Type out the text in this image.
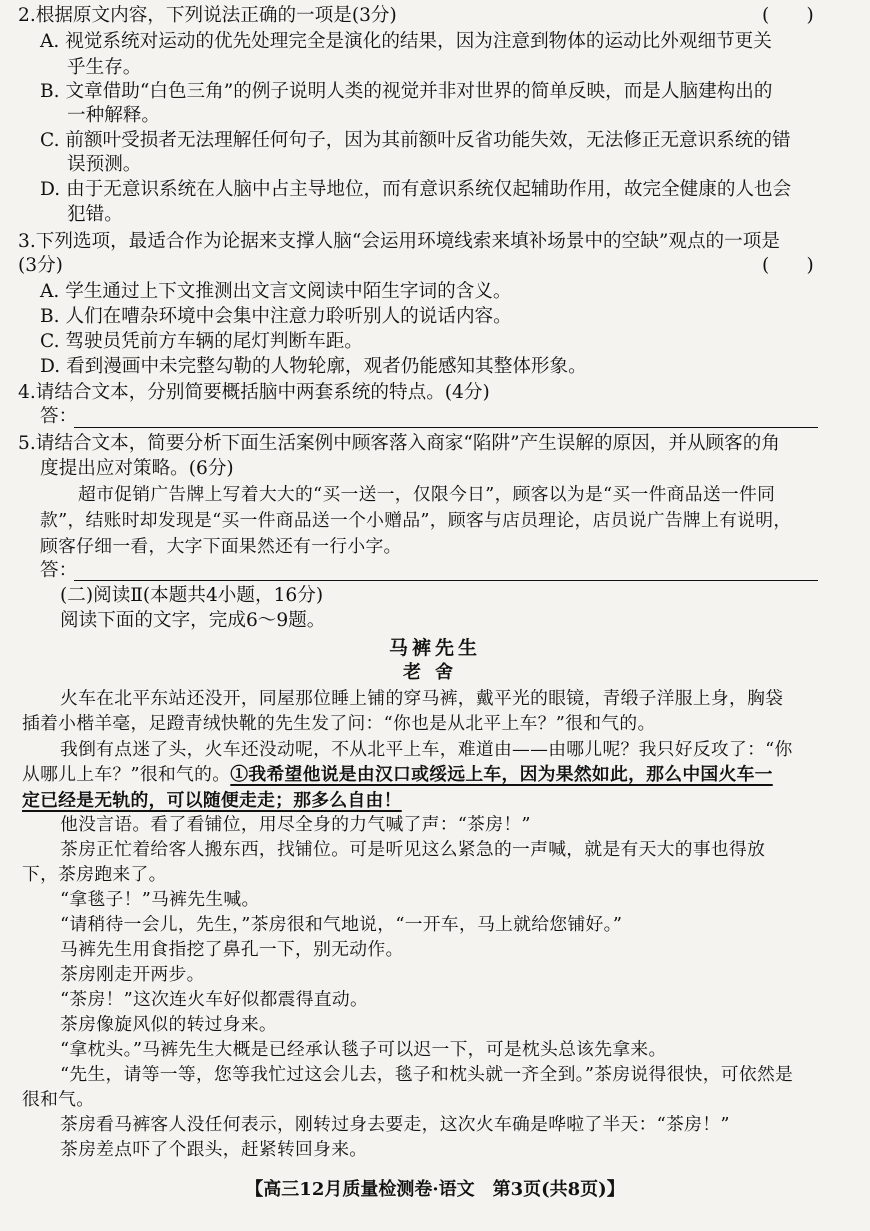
2.根据原文内容，下列说法正确的一项是(3分)	(　　)
A. 视觉系统对运动的优先处理完全是演化的结果，因为注意到物体的运动比外观细节更关
乎生存。
B. 文章借助“白色三角”的例子说明人类的视觉并非对世界的简单反映，而是人脑建构出的
一种解释。
C. 前额叶受损者无法理解任何句子，因为其前额叶反省功能失效，无法修正无意识系统的错
误预测。
D. 由于无意识系统在人脑中占主导地位，而有意识系统仅起辅助作用，故完全健康的人也会
犯错。
3.下列选项，最适合作为论据来支撑人脑“会运用环境线索来填补场景中的空缺”观点的一项是
(3分)	(　　)
A. 学生通过上下文推测出文言文阅读中陌生字词的含义。
B. 人们在嘈杂环境中会集中注意力聆听别人的说话内容。
C. 驾驶员凭前方车辆的尾灯判断车距。
D. 看到漫画中未完整勾勒的人物轮廓，观者仍能感知其整体形象。
4.请结合文本，分别简要概括脑中两套系统的特点。(4分)
答：
5.请结合文本，简要分析下面生活案例中顾客落入商家“陷阱”产生误解的原因，并从顾客的角
度提出应对策略。(6分)
超市促销广告牌上写着大大的“买一送一，仅限今日”，顾客以为是“买一件商品送一件同
款”，结账时却发现是“买一件商品送一个小赠品”，顾客与店员理论，店员说广告牌上有说明，
顾客仔细一看，大字下面果然还有一行小字。
答：
(二)阅读Ⅱ(本题共4小题，16分)
阅读下面的文字，完成6～9题。
马裤先生
老舍
火车在北平东站还没开，同屋那位睡上铺的穿马裤，戴平光的眼镜，青缎子洋服上身，胸袋
插着小楷羊毫，足蹬青绒快靴的先生发了问：“你也是从北平上车？”很和气的。
我倒有点迷了头，火车还没动呢，不从北平上车，难道由——由哪儿呢？我只好反攻了：“你
从哪儿上车？”很和气的。①我希望他说是由汉口或绥远上车，因为果然如此，那么中国火车一
定已经是无轨的，可以随便走走；那多么自由！
他没言语。看了看铺位，用尽全身的力气喊了声：“茶房！”
茶房正忙着给客人搬东西，找铺位。可是听见这么紧急的一声喊，就是有天大的事也得放
下，茶房跑来了。
“拿毯子！”马裤先生喊。
“请稍待一会儿，先生，”茶房很和气地说，“一开车，马上就给您铺好。”
马裤先生用食指挖了鼻孔一下，别无动作。
茶房刚走开两步。
“茶房！”这次连火车好似都震得直动。
茶房像旋风似的转过身来。
“拿枕头。”马裤先生大概是已经承认毯子可以迟一下，可是枕头总该先拿来。
“先生，请等一等，您等我忙过这会儿去，毯子和枕头就一齐全到。”茶房说得很快，可依然是
很和气。
茶房看马裤客人没任何表示，刚转过身去要走，这次火车确是哗啦了半天：“茶房！”
茶房差点吓了个跟头，赶紧转回身来。
【高三12月质量检测卷·语文　第3页(共8页)】
